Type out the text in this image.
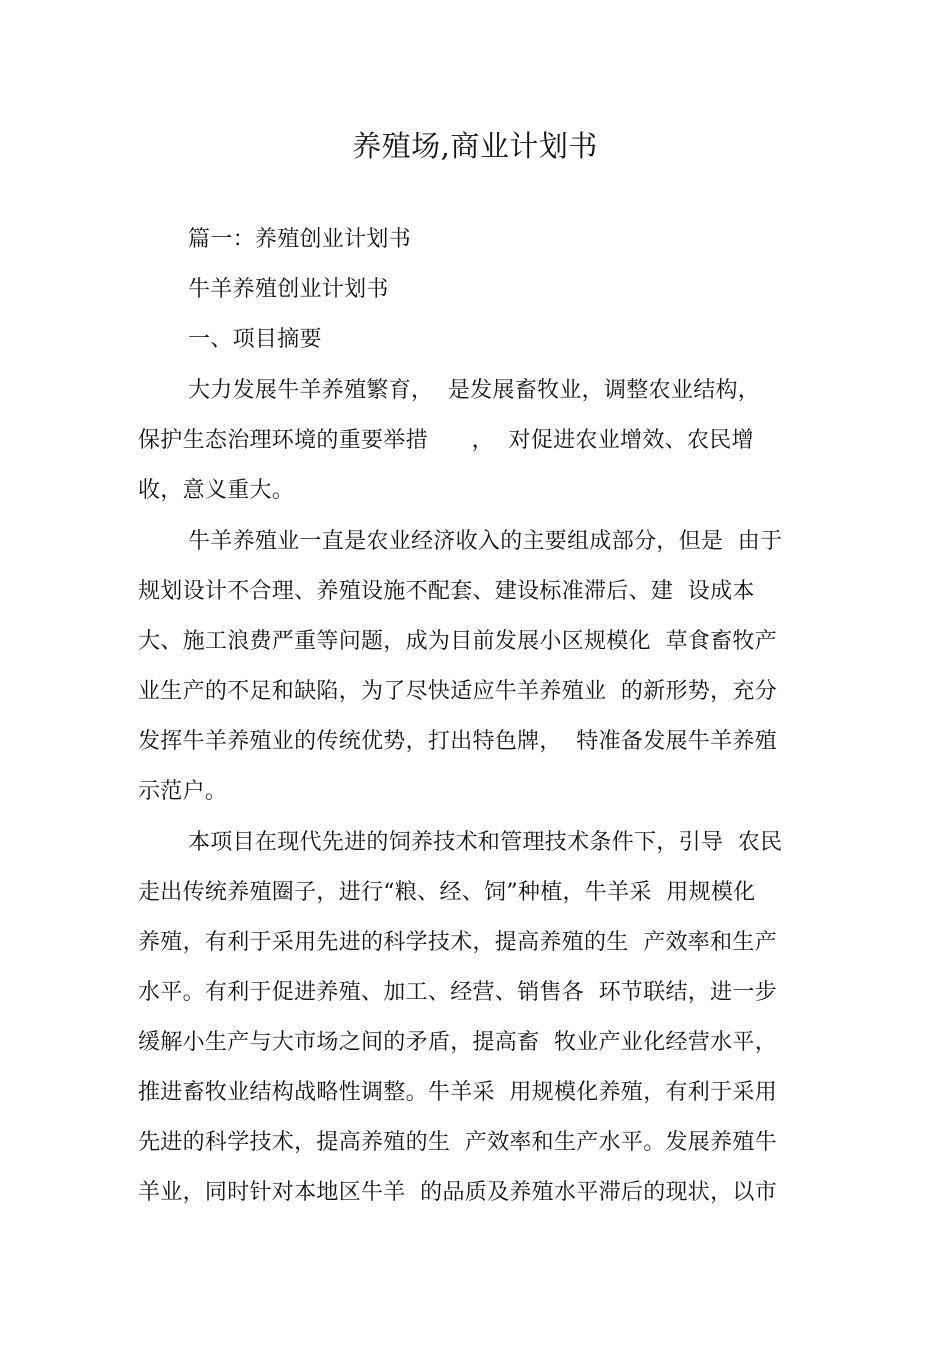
养殖场,商业计划书
篇一：养殖创业计划书
牛羊养殖创业计划书
一、项目摘要
大力发展牛羊养殖繁育，  是发展畜牧业，调整农业结构，
保护生态治理环境的重要举措      ，  对促进农业增效、农民增
收，意义重大。
牛羊养殖业一直是农业经济收入的主要组成部分，但是  由于
规划设计不合理、养殖设施不配套、建设标准滞后、建  设成本
大、施工浪费严重等问题，成为目前发展小区规模化  草食畜牧产
业生产的不足和缺陷，为了尽快适应牛羊养殖业  的新形势，充分
发挥牛羊养殖业的传统优势，打出特色牌，  特准备发展牛羊养殖
示范户。
本项目在现代先进的饲养技术和管理技术条件下，引导  农民
走出传统养殖圈子，进行“粮、经、饲”种植，牛羊采  用规模化
养殖，有利于采用先进的科学技术，提高养殖的生  产效率和生产
水平。有利于促进养殖、加工、经营、销售各  环节联结，进一步
缓解小生产与大市场之间的矛盾，提高畜  牧业产业化经营水平，
推进畜牧业结构战略性调整。牛羊采  用规模化养殖，有利于采用
先进的科学技术，提高养殖的生  产效率和生产水平。发展养殖牛
羊业，同时针对本地区牛羊  的品质及养殖水平滞后的现状，以市
